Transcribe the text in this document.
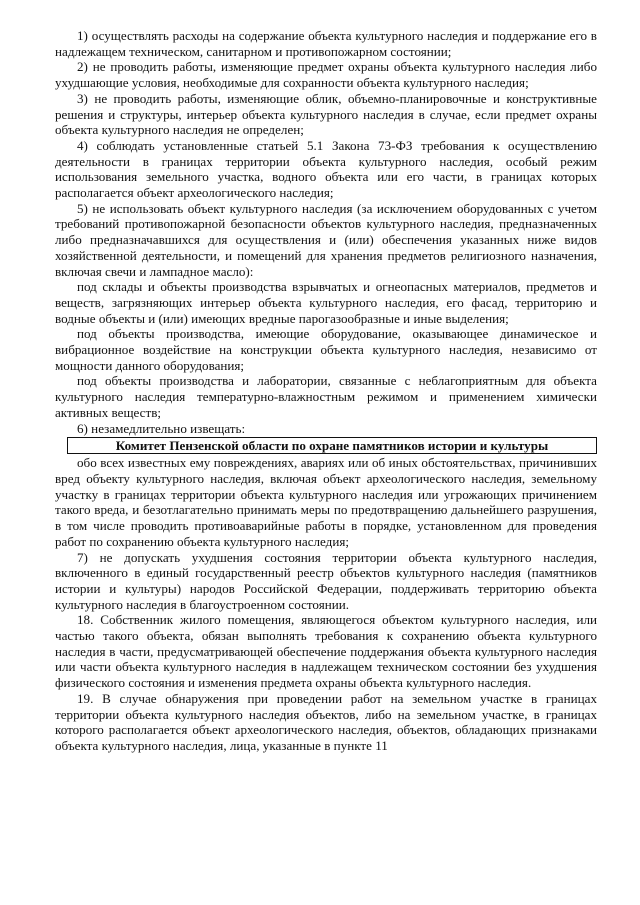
1) осуществлять расходы на содержание объекта культурного наследия и поддержание его в надлежащем техническом, санитарном и противопожарном состоянии;

2) не проводить работы, изменяющие предмет охраны объекта культурного наследия либо ухудшающие условия, необходимые для сохранности объекта культурного наследия;

3) не проводить работы, изменяющие облик, объемно-планировочные и конструктивные решения и структуры, интерьер объекта культурного наследия в случае, если предмет охраны объекта культурного наследия не определен;

4) соблюдать установленные статьей 5.1 Закона 73-ФЗ требования к осуществлению деятельности в границах территории объекта культурного наследия, особый режим использования земельного участка, водного объекта или его части, в границах которых располагается объект археологического наследия;

5) не использовать объект культурного наследия (за исключением оборудованных с учетом требований противопожарной безопасности объектов культурного наследия, предназначенных либо предназначавшихся для осуществления и (или) обеспечения указанных ниже видов хозяйственной деятельности, и помещений для хранения предметов религиозного назначения, включая свечи и лампадное масло):

под склады и объекты производства взрывчатых и огнеопасных материалов, предметов и веществ, загрязняющих интерьер объекта культурного наследия, его фасад, территорию и водные объекты и (или) имеющих вредные парогазообразные и иные выделения;

под объекты производства, имеющие оборудование, оказывающее динамическое и вибрационное воздействие на конструкции объекта культурного наследия, независимо от мощности данного оборудования;

под объекты производства и лаборатории, связанные с неблагоприятным для объекта культурного наследия температурно-влажностным режимом и применением химически активных веществ;

6) незамедлительно извещать:

Комитет Пензенской области по охране памятников истории и культуры

обо всех известных ему повреждениях, авариях или об иных обстоятельствах, причинивших вред объекту культурного наследия, включая объект археологического наследия, земельному участку в границах территории объекта культурного наследия или угрожающих причинением такого вреда, и безотлагательно принимать меры по предотвращению дальнейшего разрушения, в том числе проводить противоаварийные работы в порядке, установленном для проведения работ по сохранению объекта культурного наследия;

7) не допускать ухудшения состояния территории объекта культурного наследия, включенного в единый государственный реестр объектов культурного наследия (памятников истории и культуры) народов Российской Федерации, поддерживать территорию объекта культурного наследия в благоустроенном состоянии.

18. Собственник жилого помещения, являющегося объектом культурного наследия, или частью такого объекта, обязан выполнять требования к сохранению объекта культурного наследия в части, предусматривающей обеспечение поддержания объекта культурного наследия или части объекта культурного наследия в надлежащем техническом состоянии без ухудшения физического состояния и изменения предмета охраны объекта культурного наследия.

19. В случае обнаружения при проведении работ на земельном участке в границах территории объекта культурного наследия объектов, либо на земельном участке, в границах которого располагается объект археологического наследия, объектов, обладающих признаками объекта культурного наследия, лица, указанные в пункте 11
